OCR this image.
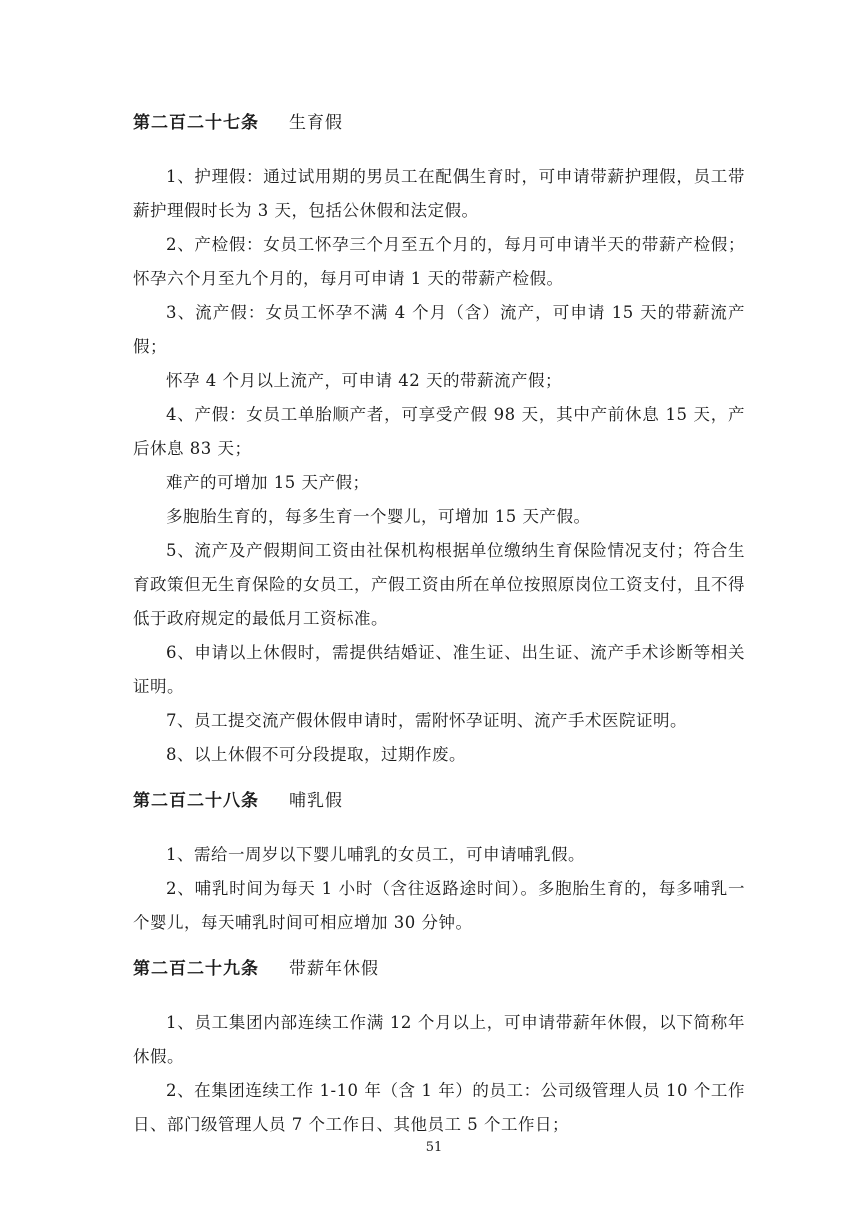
第二百二十七条 生育假

1、护理假：通过试用期的男员工在配偶生育时，可申请带薪护理假，员工带薪护理假时长为 3 天，包括公休假和法定假。

2、产检假：女员工怀孕三个月至五个月的，每月可申请半天的带薪产检假；怀孕六个月至九个月的，每月可申请 1 天的带薪产检假。

3、流产假：女员工怀孕不满 4 个月（含）流产，可申请 15 天的带薪流产假；

怀孕 4 个月以上流产，可申请 42 天的带薪流产假；

4、产假：女员工单胎顺产者，可享受产假 98 天，其中产前休息 15 天，产后休息 83 天；

难产的可增加 15 天产假；

多胞胎生育的，每多生育一个婴儿，可增加 15 天产假。

5、流产及产假期间工资由社保机构根据单位缴纳生育保险情况支付；符合生育政策但无生育保险的女员工，产假工资由所在单位按照原岗位工资支付，且不得低于政府规定的最低月工资标准。

6、申请以上休假时，需提供结婚证、准生证、出生证、流产手术诊断等相关证明。

7、员工提交流产假休假申请时，需附怀孕证明、流产手术医院证明。

8、以上休假不可分段提取，过期作废。

第二百二十八条 哺乳假

1、需给一周岁以下婴儿哺乳的女员工，可申请哺乳假。

2、哺乳时间为每天 1 小时（含往返路途时间）。多胞胎生育的，每多哺乳一个婴儿，每天哺乳时间可相应增加 30 分钟。

第二百二十九条 带薪年休假

1、员工集团内部连续工作满 12 个月以上，可申请带薪年休假，以下简称年休假。

2、在集团连续工作 1-10 年（含 1 年）的员工：公司级管理人员 10 个工作日、部门级管理人员 7 个工作日、其他员工 5 个工作日；

51
